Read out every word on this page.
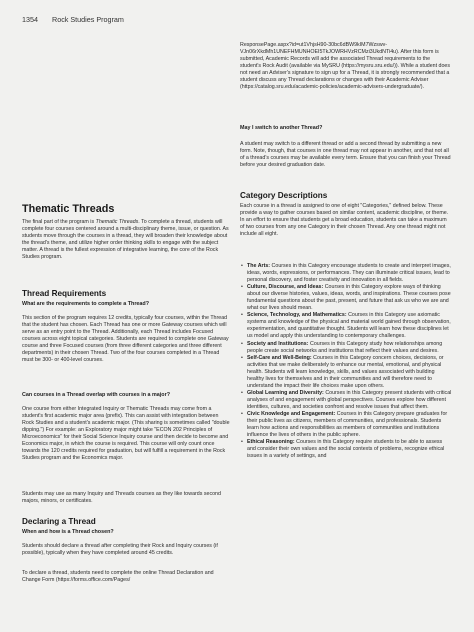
1354 Rock Studies Program
Thematic Threads

The final part of the program is Thematic Threads. To complete a thread, students will complete four courses centered around a multi-disciplinary theme, issue, or question. As students move through the courses in a thread, they will broaden their knowledge about the thread's theme, and utilize higher order thinking skills to engage with the subject matter. A thread is the fullest expression of integrative learning, the core of the Rock Studies program.

Thread Requirements

What are the requirements to complete a Thread?

This section of the program requires 12 credits, typically four courses, within the Thread that the student has chosen. Each Thread has one or more Gateway courses which will serve as an entry point to the Thread. Additionally, each Thread includes Focused courses across eight topical categories. Students are required to complete one Gateway course and three Focused courses (from three different categories and three different departments) in their chosen Thread. Two of the four courses completed in a Thread must be 300- or 400-level courses.

Can courses in a Thread overlap with courses in a major?

One course from either Integrated Inquiry or Thematic Threads may come from a student's first academic major area (prefix). This can assist with integration between Rock Studies and a student's academic major. (This sharing is sometimes called "double dipping.") For example: an Exploratory major might take "ECON 202 Principles of Microeconomics" for their Social Science Inquiry course and then decide to become and Economics major, in which the course is required. This course will only count once towards the 120 credits required for graduation, but will fulfill a requirement in the Rock Studies program and the Economics major.

Students may use as many Inquiry and Threads courses as they like towards second majors, minors, or certificates.

Declaring a Thread

When and how is a Thread chosen?

Students should declare a thread after completing their Rock and Inquiry courses (if possible), typically when they have completed around 45 credits.

To declare a thread, students need to complete the online Thread Declaration and Change Form (https://forms.office.com/Pages/

ResponsePage.aspx?id=ut1VhjsH90-30bc6dBW9kIM7Wzswv-VJn06rXkdMh1UNEFHMUNHOEI5TkJOWRHVzRCMzi3UkdNTi4u). After this form is submitted, Academic Records will add the associated Thread requirements to the student's Rock Audit (available via MySRU (https://mysru.sru.edu/)). While a student does not need an Adviser's signature to sign up for a Thread, it is strongly recommended that a student discuss any Thread declarations or changes with their Academic Adviser (https://catalog.sru.edu/academic-policies/academic-advisers-undergraduate/).

May I switch to another Thread?

A student may switch to a different thread or add a second thread by submitting a new form. Note, though, that courses in one thread may not appear in another, and that not all of a thread's courses may be available every term. Ensure that you can finish your Thread before your desired graduation date.

Category Descriptions

Each course in a thread is assigned to one of eight "Categories," defined below. These provide a way to gather courses based on similar content, academic discipline, or theme. In an effort to ensure that students get a broad education, students can take a maximum of two courses from any one Category in their chosen Thread. Any one thread might not include all eight.

• The Arts: Courses in this Category encourage students to create and interpret images, ideas, words, expressions, or performances. They can illuminate critical issues, lead to personal discovery, and foster creativity and innovation in all fields.
• Culture, Discourse, and Ideas: Courses in this Category explore ways of thinking about our diverse histories, values, ideas, words, and inspirations. These courses pose fundamental questions about the past, present, and future that ask us who we are and what our lives should mean.
• Science, Technology, and Mathematics: Courses in this Category use axiomatic systems and knowledge of the physical and material world gained through observation, experimentation, and quantitative thought. Students will learn how these disciplines let us model and apply this understanding to contemporary challenges.
• Society and Institutions: Courses in this Category study how relationships among people create social networks and institutions that reflect their values and desires.
• Self-Care and Well-Being: Courses in this Category concern choices, decisions, or activities that we make deliberately to enhance our mental, emotional, and physical health. Students will learn knowledge, skills, and values associated with building healthy lives for themselves and in their communities and will therefore need to understand the impact their life choices make upon others.
• Global Learning and Diversity: Courses in this Category present students with critical analyses of and engagement with global perspectives. Courses explore how different identities, cultures, and societies confront and resolve issues that affect them.
• Civic Knowledge and Engagement: Courses in this Category prepare graduates for their public lives as citizens, members of communities, and professionals. Students learn how actions and responsibilities as members of communities and institutions influence the lives of others in the public sphere.
• Ethical Reasoning: Courses in this Category require students to be able to assess and consider their own values and the social contexts of problems, recognize ethical issues in a variety of settings, and
